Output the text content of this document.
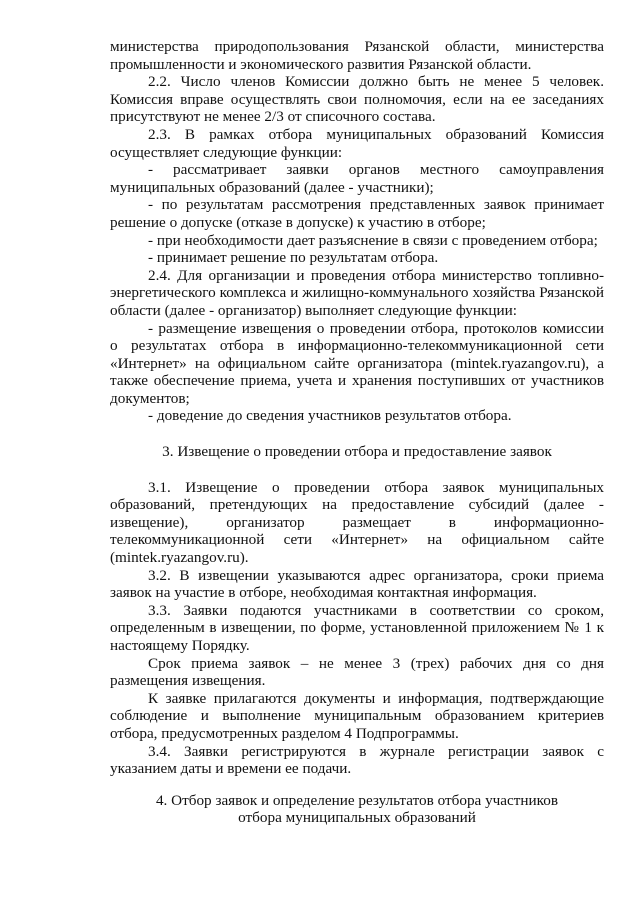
министерства природопользования Рязанской области, министерства промышленности и экономического развития Рязанской области.

2.2. Число членов Комиссии должно быть не менее 5 человек. Комиссия вправе осуществлять свои полномочия, если на ее заседаниях присутствуют не менее 2/3 от списочного состава.

2.3. В рамках отбора муниципальных образований Комиссия осуществляет следующие функции:

- рассматривает заявки органов местного самоуправления муниципальных образований (далее - участники);

- по результатам рассмотрения представленных заявок принимает решение о допуске (отказе в допуске) к участию в отборе;

- при необходимости дает разъяснение в связи с проведением отбора;

- принимает решение по результатам отбора.

2.4. Для организации и проведения отбора министерство топливно-энергетического комплекса и жилищно-коммунального хозяйства Рязанской области (далее - организатор) выполняет следующие функции:

- размещение извещения о проведении отбора, протоколов комиссии о результатах отбора в информационно-телекоммуникационной сети «Интернет» на официальном сайте организатора (mintek.ryazangov.ru), а также обеспечение приема, учета и хранения поступивших от участников документов;

- доведение до сведения участников результатов отбора.

3. Извещение о проведении отбора и предоставление заявок

3.1. Извещение о проведении отбора заявок муниципальных образований, претендующих на предоставление субсидий (далее - извещение), организатор размещает в информационно-телекоммуникационной сети «Интернет» на официальном сайте (mintek.ryazangov.ru).

3.2. В извещении указываются адрес организатора, сроки приема заявок на участие в отборе, необходимая контактная информация.

3.3. Заявки подаются участниками в соответствии со сроком, определенным в извещении, по форме, установленной приложением № 1 к настоящему Порядку.

Срок приема заявок – не менее 3 (трех) рабочих дня со дня размещения извещения.

К заявке прилагаются документы и информация, подтверждающие соблюдение и выполнение муниципальным образованием критериев отбора, предусмотренных разделом 4 Подпрограммы.

3.4. Заявки регистрируются в журнале регистрации заявок с указанием даты и времени ее подачи.

4. Отбор заявок и определение результатов отбора участников

отбора муниципальных образований
